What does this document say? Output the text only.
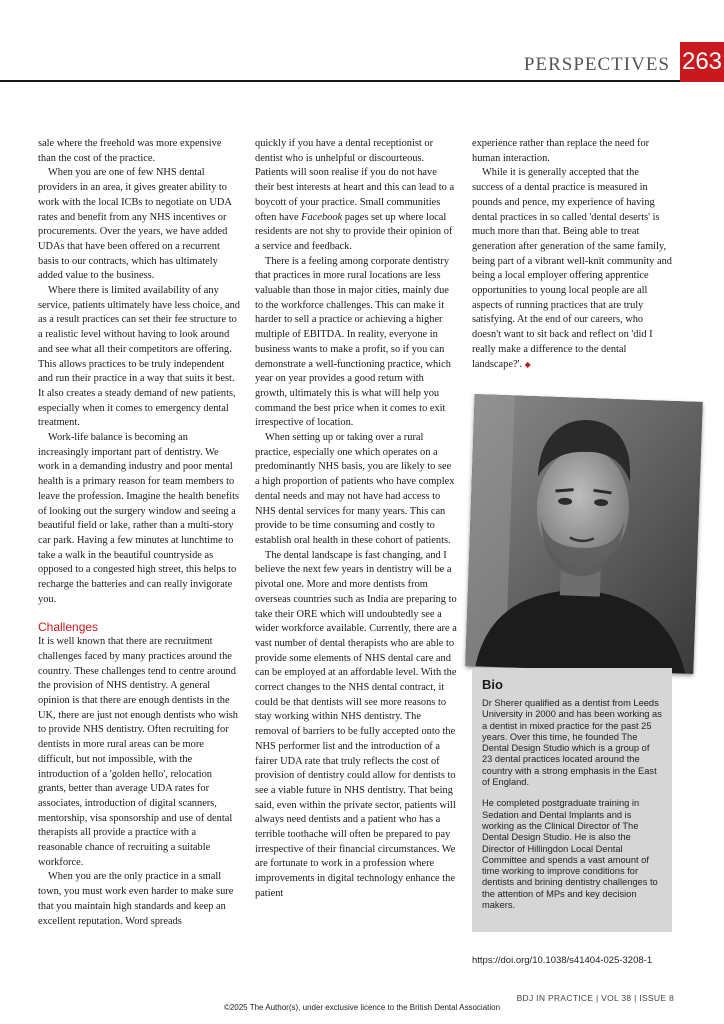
PERSPECTIVES 263

sale where the freehold was more expensive than the cost of the practice.

When you are one of few NHS dental providers in an area, it gives greater ability to work with the local ICBs to negotiate on UDA rates and benefit from any NHS incentives or procurements. Over the years, we have added UDAs that have been offered on a recurrent basis to our contracts, which has ultimately added value to the business.

Where there is limited availability of any service, patients ultimately have less choice, and as a result practices can set their fee structure to a realistic level without having to look around and see what all their competitors are offering. This allows practices to be truly independent and run their practice in a way that suits it best. It also creates a steady demand of new patients, especially when it comes to emergency dental treatment.

Work-life balance is becoming an increasingly important part of dentistry. We work in a demanding industry and poor mental health is a primary reason for team members to leave the profession. Imagine the health benefits of looking out the surgery window and seeing a beautiful field or lake, rather than a multi-story car park. Having a few minutes at lunchtime to take a walk in the beautiful countryside as opposed to a congested high street, this helps to recharge the batteries and can really invigorate you.

Challenges

It is well known that there are recruitment challenges faced by many practices around the country. These challenges tend to centre around the provision of NHS dentistry. A general opinion is that there are enough dentists in the UK, there are just not enough dentists who wish to provide NHS dentistry. Often recruiting for dentists in more rural areas can be more difficult, but not impossible, with the introduction of a 'golden hello', relocation grants, better than average UDA rates for associates, introduction of digital scanners, mentorship, visa sponsorship and use of dental therapists all provide a practice with a reasonable chance of recruiting a suitable workforce.

When you are the only practice in a small town, you must work even harder to make sure that you maintain high standards and keep an excellent reputation. Word spreads

quickly if you have a dental receptionist or dentist who is unhelpful or discourteous. Patients will soon realise if you do not have their best interests at heart and this can lead to a boycott of your practice. Small communities often have Facebook pages set up where local residents are not shy to provide their opinion of a service and feedback.

There is a feeling among corporate dentistry that practices in more rural locations are less valuable than those in major cities, mainly due to the workforce challenges. This can make it harder to sell a practice or achieving a higher multiple of EBITDA. In reality, everyone in business wants to make a profit, so if you can demonstrate a well-functioning practice, which year on year provides a good return with growth, ultimately this is what will help you command the best price when it comes to exit irrespective of location.

When setting up or taking over a rural practice, especially one which operates on a predominantly NHS basis, you are likely to see a high proportion of patients who have complex dental needs and may not have had access to NHS dental services for many years. This can provide to be time consuming and costly to establish oral health in these cohort of patients.

The dental landscape is fast changing, and I believe the next few years in dentistry will be a pivotal one. More and more dentists from overseas countries such as India are preparing to take their ORE which will undoubtedly see a wider workforce available. Currently, there are a vast number of dental therapists who are able to provide some elements of NHS dental care and can be employed at an affordable level. With the correct changes to the NHS dental contract, it could be that dentists will see more reasons to stay working within NHS dentistry. The removal of barriers to be fully accepted onto the NHS performer list and the introduction of a fairer UDA rate that truly reflects the cost of provision of dentistry could allow for dentists to see a viable future in NHS dentistry. That being said, even within the private sector, patients will always need dentists and a patient who has a terrible toothache will often be prepared to pay irrespective of their financial circumstances. We are fortunate to work in a profession where improvements in digital technology enhance the patient

experience rather than replace the need for human interaction.

While it is generally accepted that the success of a dental practice is measured in pounds and pence, my experience of having dental practices in so called 'dental deserts' is much more than that. Being able to treat generation after generation of the same family, being part of a vibrant well-knit community and being a local employer offering apprentice opportunities to young local people are all aspects of running practices that are truly satisfying. At the end of our careers, who doesn't want to sit back and reflect on 'did I really make a difference to the dental landscape?'. ◆

Bio

Dr Sherer qualified as a dentist from Leeds University in 2000 and has been working as a dentist in mixed practice for the past 25 years. Over this time, he founded The Dental Design Studio which is a group of 23 dental practices located around the country with a strong emphasis in the East of England.

He completed postgraduate training in Sedation and Dental Implants and is working as the Clinical Director of The Dental Design Studio. He is also the Director of Hillingdon Local Dental Committee and spends a vast amount of time working to improve conditions for dentists and brining dentistry challenges to the attention of MPs and key decision makers.

https://doi.org/10.1038/s41404-025-3208-1
BDJ IN PRACTICE | VOL 38 | ISSUE 8
©2025 The Author(s), under exclusive licence to the British Dental Association
